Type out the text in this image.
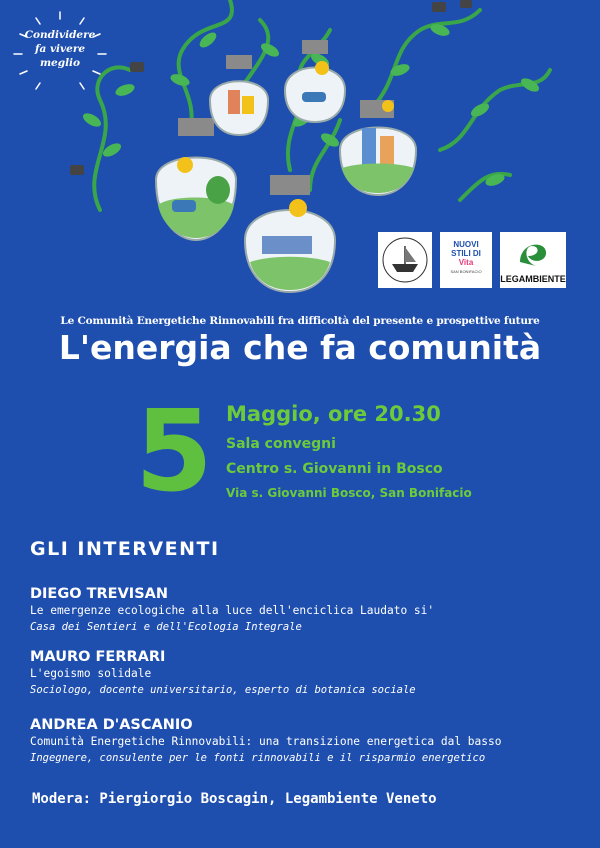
Condividere
fa vivere
meglio
NUOVI
STILI DI
Vita
SAN BONIFACIO
LEGAMBIENTE
Le Comunità Energetiche Rinnovabili fra difficoltà del presente e prospettive future
L'energia che fa comunità
5 Maggio, ore 20.30
Sala convegni
Centro s. Giovanni in Bosco
Via s. Giovanni Bosco, San Bonifacio
GLI INTERVENTI
DIEGO TREVISAN
Le emergenze ecologiche alla luce dell'enciclica Laudato si'
Casa dei Sentieri e dell'Ecologia Integrale
MAURO FERRARI
L'egoismo solidale
Sociologo, docente universitario, esperto di botanica sociale
ANDREA D'ASCANIO
Comunità Energetiche Rinnovabili: una transizione energetica dal basso
Ingegnere, consulente per le fonti rinnovabili e il risparmio energetico
Modera: Piergiorgio Boscagin, Legambiente Veneto
